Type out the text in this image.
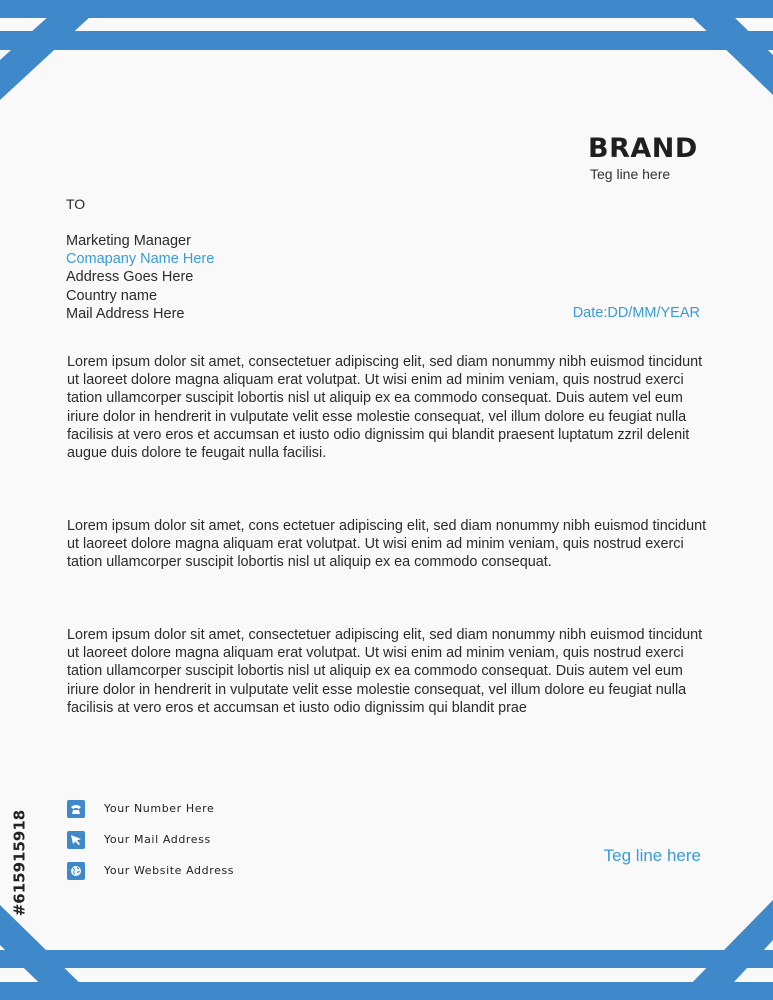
BRAND
Teg line here
TO
Marketing Manager
Comapany Name Here
Address Goes Here
Country name
Mail Address Here	Date:DD/MM/YEAR

Lorem ipsum dolor sit amet, consectetuer adipiscing elit, sed diam nonummy nibh euismod tincidunt ut laoreet dolore magna aliquam erat volutpat. Ut wisi enim ad minim veniam, quis nostrud exerci tation ullamcorper suscipit lobortis nisl ut aliquip ex ea commodo consequat. Duis autem vel eum iriure dolor in hendrerit in vulputate velit esse molestie consequat, vel illum dolore eu feugiat nulla facilisis at vero eros et accumsan et iusto odio dignissim qui blandit praesent luptatum zzril delenit augue duis dolore te feugait nulla facilisi.

Lorem ipsum dolor sit amet, cons ectetuer adipiscing elit, sed diam nonummy nibh euismod tincidunt ut laoreet dolore magna aliquam erat volutpat. Ut wisi enim ad minim veniam, quis nostrud exerci tation ullamcorper suscipit lobortis nisl ut aliquip ex ea commodo consequat.

Lorem ipsum dolor sit amet, consectetuer adipiscing elit, sed diam nonummy nibh euismod tincidunt ut laoreet dolore magna aliquam erat volutpat. Ut wisi enim ad minim veniam, quis nostrud exerci tation ullamcorper suscipit lobortis nisl ut aliquip ex ea commodo consequat. Duis autem vel eum iriure dolor in hendrerit in vulputate velit esse molestie consequat, vel illum dolore eu feugiat nulla facilisis at vero eros et accumsan et iusto odio dignissim qui blandit prae

Your Number Here
Your Mail Address
Your Website Address
Teg line here
#615915918
